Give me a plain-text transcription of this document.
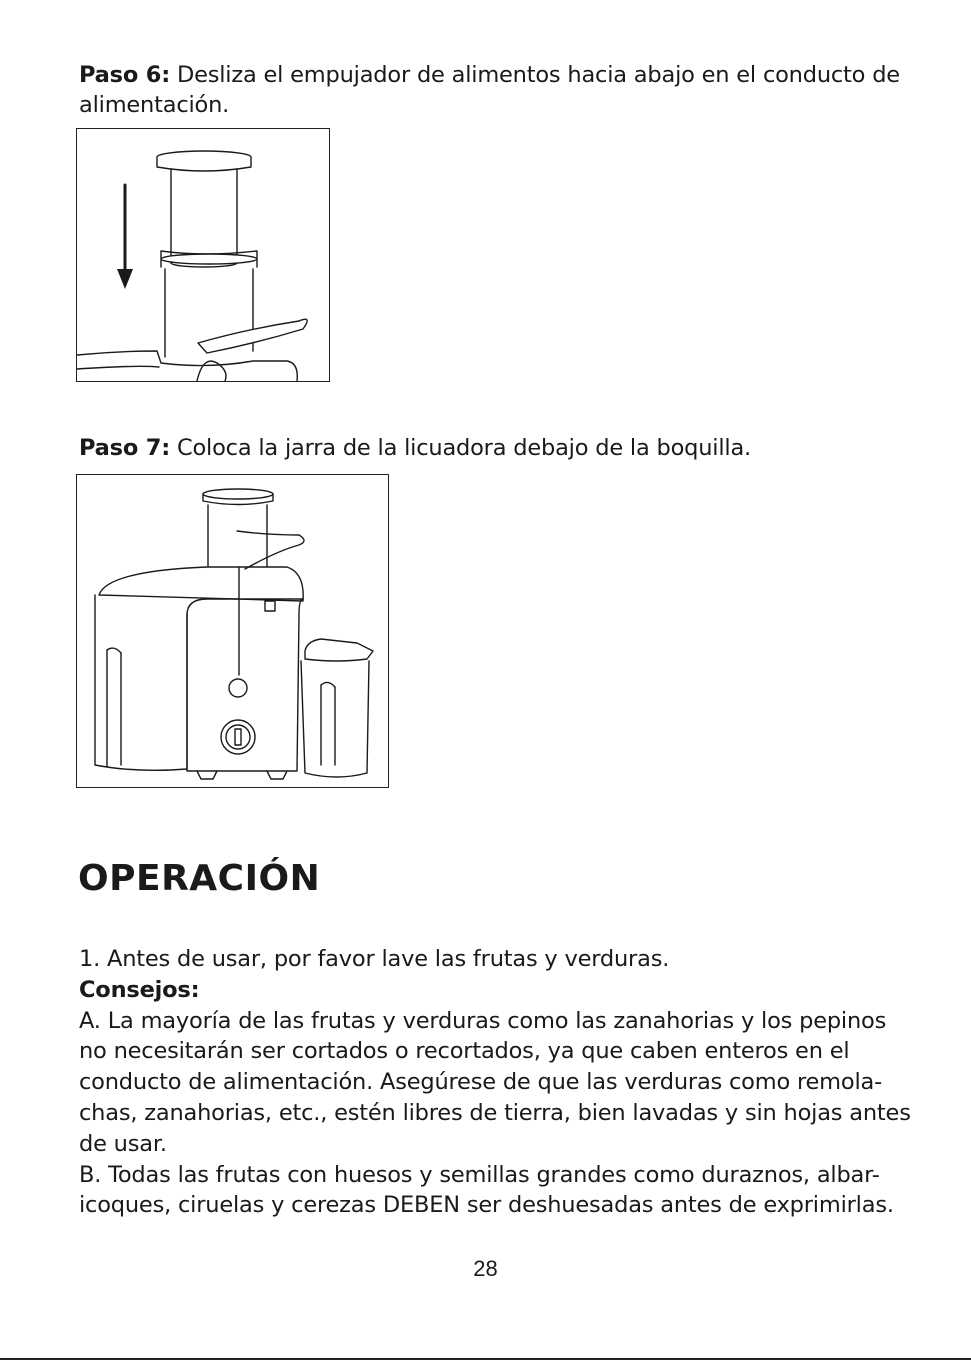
Paso 6: Desliza el empujador de alimentos hacia abajo en el conducto de alimentación.
Paso 7: Coloca la jarra de la licuadora debajo de la boquilla.
OPERACIÓN

1. Antes de usar, por favor lave las frutas y verduras.

Consejos:

A. La mayoría de las frutas y verduras como las zanahorias y los pepinos no necesitarán ser cortados o recortados, ya que caben enteros en el conducto de alimentación. Asegúrese de que las verduras como remola-chas, zanahorias, etc., estén libres de tierra, bien lavadas y sin hojas antes de usar.

B. Todas las frutas con huesos y semillas grandes como duraznos, albar-icoques, ciruelas y cerezas DEBEN ser deshuesadas antes de exprimirlas.

28
